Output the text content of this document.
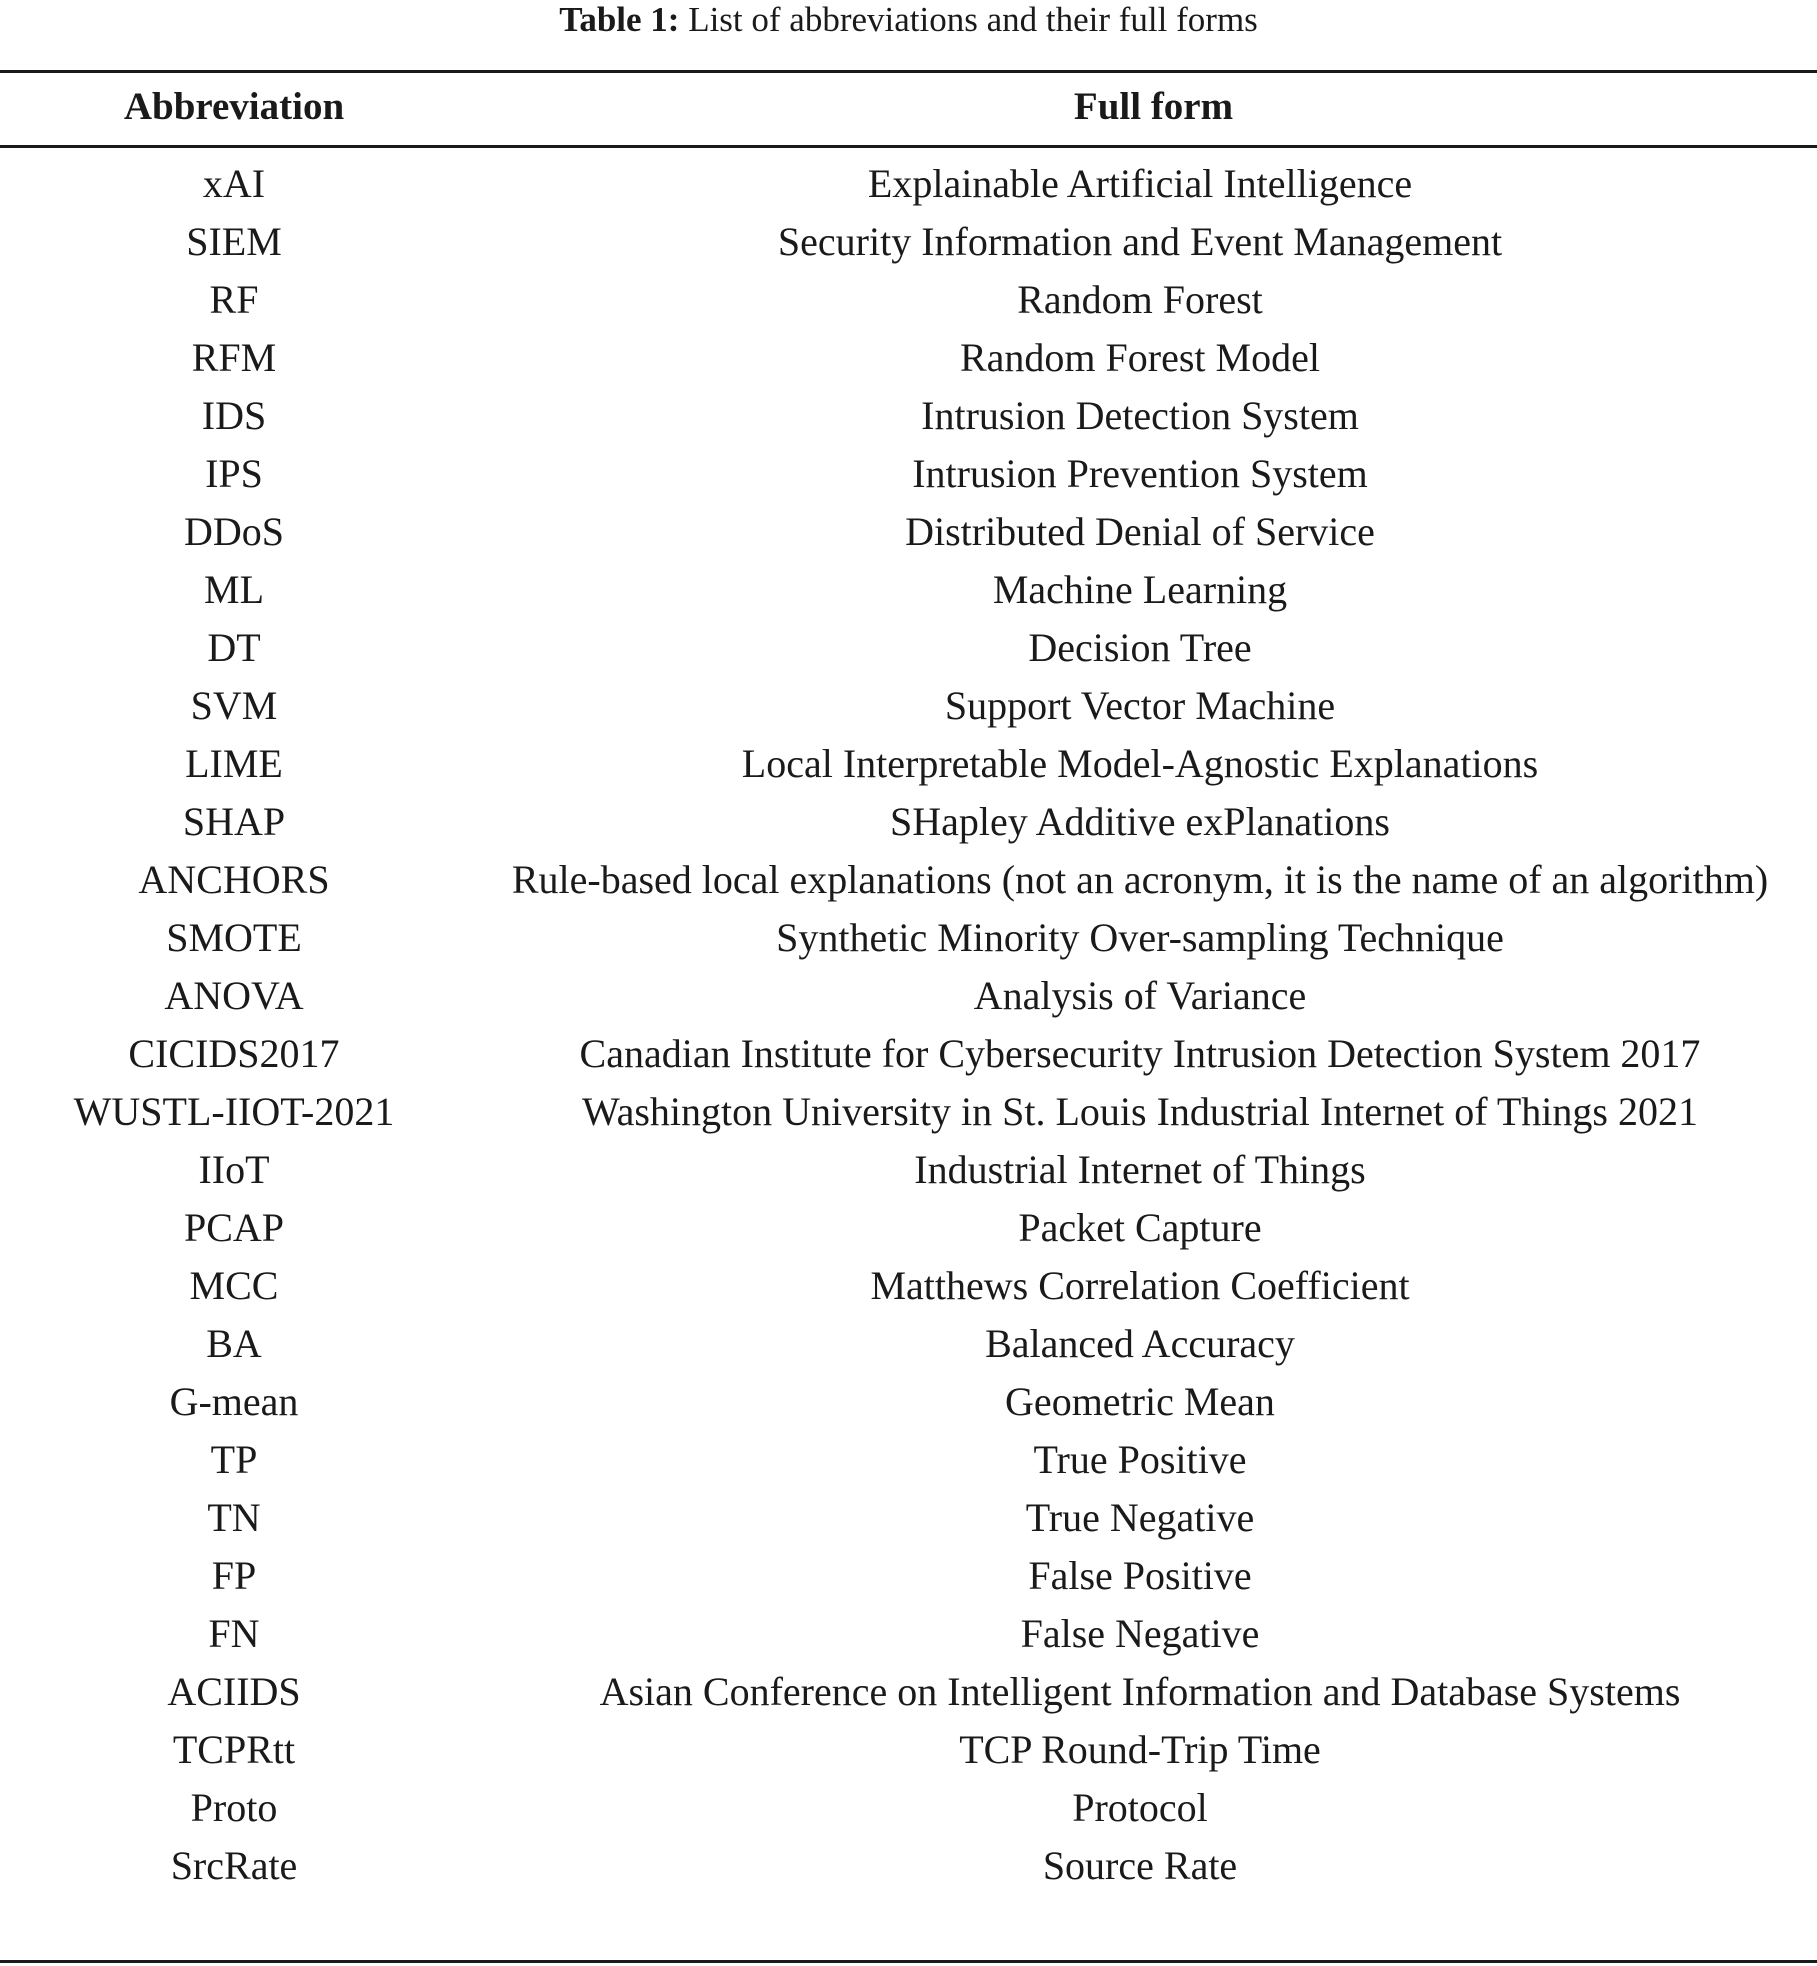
Table 1: List of abbreviations and their full forms
Abbreviation	Full form
xAI	Explainable Artificial Intelligence
SIEM	Security Information and Event Management
RF	Random Forest
RFM	Random Forest Model
IDS	Intrusion Detection System
IPS	Intrusion Prevention System
DDoS	Distributed Denial of Service
ML	Machine Learning
DT	Decision Tree
SVM	Support Vector Machine
LIME	Local Interpretable Model-Agnostic Explanations
SHAP	SHapley Additive exPlanations
ANCHORS	Rule-based local explanations (not an acronym, it is the name of an algorithm)
SMOTE	Synthetic Minority Over-sampling Technique
ANOVA	Analysis of Variance
CICIDS2017	Canadian Institute for Cybersecurity Intrusion Detection System 2017
WUSTL-IIOT-2021	Washington University in St. Louis Industrial Internet of Things 2021
IIoT	Industrial Internet of Things
PCAP	Packet Capture
MCC	Matthews Correlation Coefficient
BA	Balanced Accuracy
G-mean	Geometric Mean
TP	True Positive
TN	True Negative
FP	False Positive
FN	False Negative
ACIIDS	Asian Conference on Intelligent Information and Database Systems
TCPRtt	TCP Round-Trip Time
Proto	Protocol
SrcRate	Source Rate
